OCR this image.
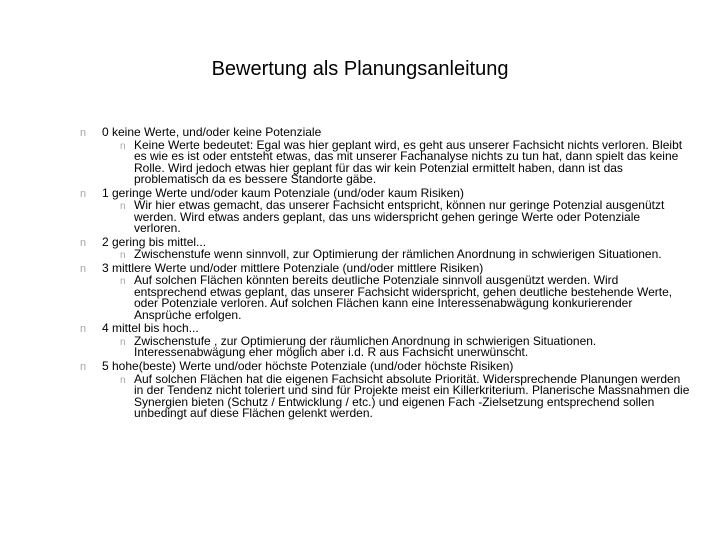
Bewertung als Planungsanleitung
n 0 keine Werte, und/oder keine Potenziale
n Keine Werte bedeutet: Egal was hier geplant wird, es geht aus unserer Fachsicht nichts verloren. Bleibt es wie es ist oder entsteht etwas, das mit unserer Fachanalyse nichts zu tun hat, dann spielt das keine Rolle. Wird jedoch etwas hier geplant für das wir kein Potenzial ermittelt haben, dann ist das problematisch da es bessere Standorte gäbe.
n 1 geringe Werte und/oder kaum Potenziale (und/oder kaum Risiken)
n Wir hier etwas gemacht, das unserer Fachsicht entspricht, können nur geringe Potenzial ausgenützt werden. Wird etwas anders geplant, das uns widerspricht gehen geringe Werte oder Potenziale verloren.
n 2 gering bis mittel...
n Zwischenstufe wenn sinnvoll, zur Optimierung der rämlichen Anordnung in schwierigen Situationen.
n 3 mittlere Werte und/oder mittlere Potenziale (und/oder mittlere Risiken)
n Auf solchen Flächen könnten bereits deutliche Potenziale sinnvoll ausgenützt werden. Wird entsprechend etwas geplant, das unserer Fachsicht widerspricht, gehen deutliche bestehende Werte, oder Potenziale verloren. Auf solchen Flächen kann eine Interessenabwägung konkurierender Ansprüche erfolgen.
n 4 mittel bis hoch...
n Zwischenstufe , zur Optimierung der räumlichen Anordnung in schwierigen Situationen. Interessenabwägung eher möglich aber i.d. R aus Fachsicht unerwünscht.
n 5 hohe(beste) Werte und/oder höchste Potenziale (und/oder höchste Risiken)
n Auf solchen Flächen hat die eigenen Fachsicht absolute Priorität. Widersprechende Planungen werden in der Tendenz nicht toleriert und sind für Projekte meist ein Killerkriterium. Planerische Massnahmen die Synergien bieten (Schutz / Entwicklung / etc.) und eigenen Fach -Zielsetzung entsprechend sollen unbedingt auf diese Flächen gelenkt werden.
